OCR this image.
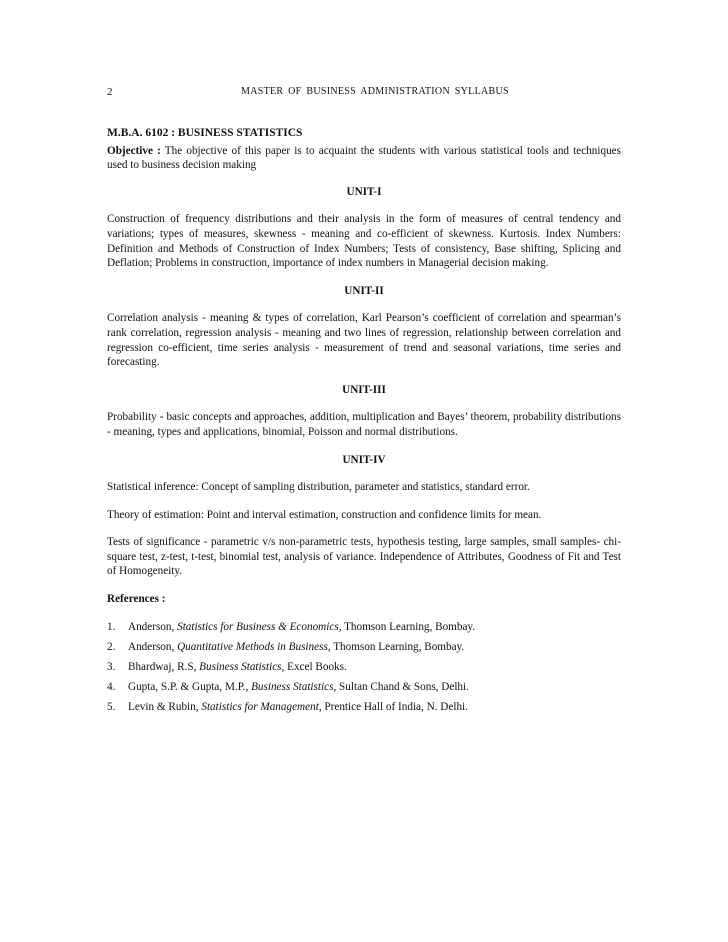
2	MASTER OF BUSINESS ADMINISTRATION SYLLABUS
M.B.A. 6102 : BUSINESS STATISTICS

Objective : The objective of this paper is to acquaint the students with various statistical tools and techniques used to business decision making

UNIT-I

Construction of frequency distributions and their analysis in the form of measures of central tendency and variations; types of measures, skewness - meaning and co-efficient of skewness. Kurtosis. Index Numbers: Definition and Methods of Construction of Index Numbers; Tests of consistency, Base shifting, Splicing and Deflation; Problems in construction, importance of index numbers in Managerial decision making.

UNIT-II

Correlation analysis - meaning & types of correlation, Karl Pearson’s coefficient of correlation and spearman’s rank correlation, regression analysis - meaning and two lines of regression, relationship between correlation and regression co-efficient, time series analysis - measurement of trend and seasonal variations, time series and forecasting.

UNIT-III

Probability - basic concepts and approaches, addition, multiplication and Bayes’ theorem, probability distributions - meaning, types and applications, binomial, Poisson and normal distributions.

UNIT-IV

Statistical inference: Concept of sampling distribution, parameter and statistics, standard error.

Theory of estimation: Point and interval estimation, construction and confidence limits for mean.

Tests of significance - parametric v/s non-parametric tests, hypothesis testing, large samples, small samples- chi-square test, z-test, t-test, binomial test, analysis of variance. Independence of Attributes, Goodness of Fit and Test of Homogeneity.

References :
1.	Anderson, Statistics for Business & Economics, Thomson Learning, Bombay.
2.	Anderson, Quantitative Methods in Business, Thomson Learning, Bombay.
3.	Bhardwaj, R.S, Business Statistics, Excel Books.
4.	Gupta, S.P. & Gupta, M.P., Business Statistics, Sultan Chand & Sons, Delhi.
5.	Levin & Rubin, Statistics for Management, Prentice Hall of India, N. Delhi.
